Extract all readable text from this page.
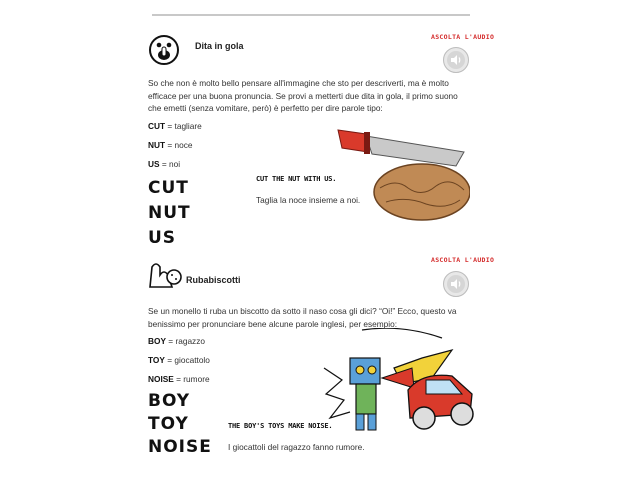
Dita in gola
ASCOLTA L'AUDIO
So che non è molto bello pensare all'immagine che sto per descriverti, ma è molto efficace per una buona pronuncia. Se provi a metterti due dita in gola, il primo suono che emetti (senza vomitare, però) è perfetto per dire parole tipo:
CUT = tagliare
NUT = noce
US = noi
CUT
NUT
US
CUT THE NUT WITH US.
Taglia la noce insieme a noi.
Rubabiscotti
ASCOLTA L'AUDIO
Se un monello ti ruba un biscotto da sotto il naso cosa gli dici? “Oi!” Ecco, questo va benissimo per pronunciare bene alcune parole inglesi, per esempio:
BOY = ragazzo
TOY = giocattolo
NOISE = rumore
BOY
TOY
NOISE
THE BOY'S TOYS MAKE NOISE.
I giocattoli del ragazzo fanno rumore.
